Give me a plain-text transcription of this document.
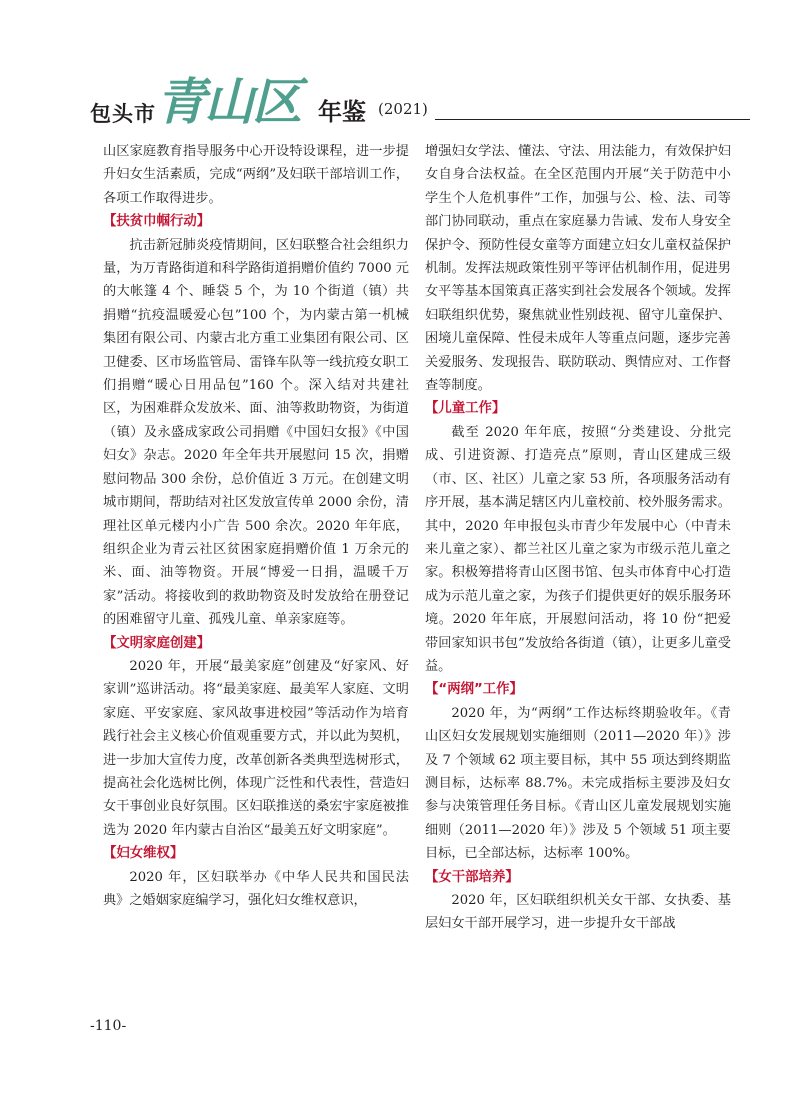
包头市 青山区 年鉴 (2021)

山区家庭教育指导服务中心开设特设课程，进一步提升妇女生活素质，完成“两纲”及妇联干部培训工作，各项工作取得进步。

【扶贫巾帼行动】

抗击新冠肺炎疫情期间，区妇联整合社会组织力量，为万青路街道和科学路街道捐赠价值约 7000 元的大帐篷 4 个、睡袋 5 个，为 10 个街道（镇）共捐赠“抗疫温暖爱心包”100 个，为内蒙古第一机械集团有限公司、内蒙古北方重工业集团有限公司、区卫健委、区市场监管局、雷锋车队等一线抗疫女职工们捐赠“暖心日用品包”160 个。深入结对共建社区，为困难群众发放米、面、油等救助物资，为街道（镇）及永盛成家政公司捐赠《中国妇女报》《中国妇女》杂志。2020 年全年共开展慰问 15 次，捐赠慰问物品 300 余份，总价值近 3 万元。在创建文明城市期间，帮助结对社区发放宣传单 2000 余份，清理社区单元楼内小广告 500 余次。2020 年年底，组织企业为青云社区贫困家庭捐赠价值 1 万余元的米、面、油等物资。开展“博爱一日捐，温暖千万家”活动。将接收到的救助物资及时发放给在册登记的困难留守儿童、孤残儿童、单亲家庭等。

【文明家庭创建】

2020 年，开展“最美家庭”创建及“好家风、好家训”巡讲活动。将“最美家庭、最美军人家庭、文明家庭、平安家庭、家风故事进校园”等活动作为培育践行社会主义核心价值观重要方式，并以此为契机，进一步加大宣传力度，改革创新各类典型选树形式，提高社会化选树比例，体现广泛性和代表性，营造妇女干事创业良好氛围。区妇联推送的桑宏宇家庭被推选为 2020 年内蒙古自治区“最美五好文明家庭”。

【妇女维权】

2020 年，区妇联举办《中华人民共和国民法典》之婚姻家庭编学习，强化妇女维权意识，

增强妇女学法、懂法、守法、用法能力，有效保护妇女自身合法权益。在全区范围内开展“关于防范中小学生个人危机事件”工作，加强与公、检、法、司等部门协同联动，重点在家庭暴力告诫、发布人身安全保护令、预防性侵女童等方面建立妇女儿童权益保护机制。发挥法规政策性别平等评估机制作用，促进男女平等基本国策真正落实到社会发展各个领域。发挥妇联组织优势，聚焦就业性别歧视、留守儿童保护、困境儿童保障、性侵未成年人等重点问题，逐步完善关爱服务、发现报告、联防联动、舆情应对、工作督查等制度。

【儿童工作】

截至 2020 年年底，按照“分类建设、分批完成、引进资源、打造亮点”原则，青山区建成三级（市、区、社区）儿童之家 53 所，各项服务活动有序开展，基本满足辖区内儿童校前、校外服务需求。其中，2020 年申报包头市青少年发展中心（中青未来儿童之家）、都兰社区儿童之家为市级示范儿童之家。积极筹措将青山区图书馆、包头市体育中心打造成为示范儿童之家，为孩子们提供更好的娱乐服务环境。2020 年年底，开展慰问活动，将 10 份“把爱带回家知识书包”发放给各街道（镇），让更多儿童受益。

【“两纲”工作】

2020 年，为“两纲”工作达标终期验收年。《青山区妇女发展规划实施细则（2011—2020 年）》涉及 7 个领域 62 项主要目标，其中 55 项达到终期监测目标，达标率 88.7%。未完成指标主要涉及妇女参与决策管理任务目标。《青山区儿童发展规划实施细则（2011—2020 年）》涉及 5 个领域 51 项主要目标，已全部达标，达标率 100%。

【女干部培养】

2020 年，区妇联组织机关女干部、女执委、基层妇女干部开展学习，进一步提升女干部战

-110-
